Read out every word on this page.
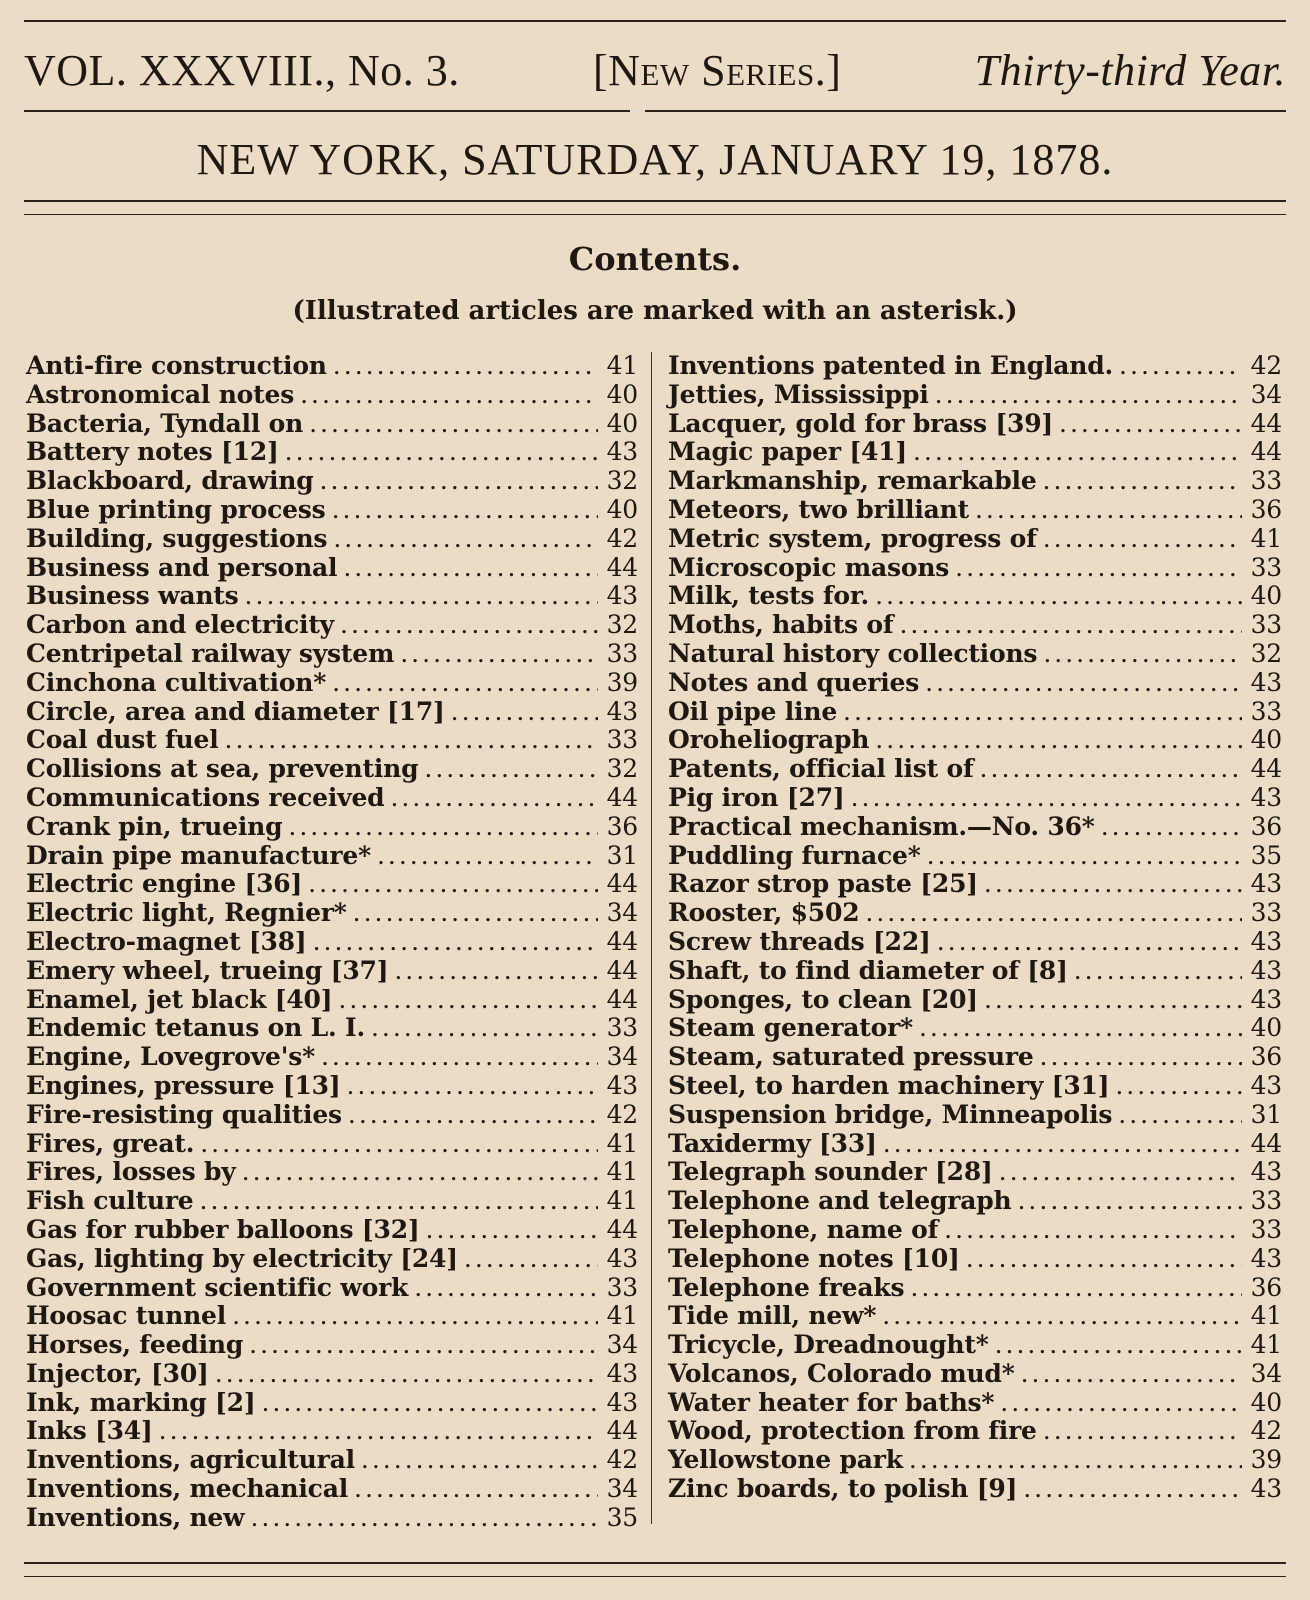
VOL. XXXVIII., No. 3.	[New Series.]	Thirty-third Year.
NEW YORK, SATURDAY, JANUARY 19, 1878.
Contents.
(Illustrated articles are marked with an asterisk.)
Anti-fire construction .....	41
Astronomical notes .....	40
Bacteria, Tyndall on .....	40
Battery notes [12] .....	43
Blackboard, drawing .....	32
Blue printing process .....	40
Building, suggestions .....	42
Business and personal .....	44
Business wants .....	43
Carbon and electricity .....	32
Centripetal railway system .....	33
Cinchona cultivation* .....	39
Circle, area and diameter [17] .....	43
Coal dust fuel .....	33
Collisions at sea, preventing .....	32
Communications received .....	44
Crank pin, trueing .....	36
Drain pipe manufacture* .....	31
Electric engine [36] .....	44
Electric light, Regnier* .....	34
Electro-magnet [38] .....	44
Emery wheel, trueing [37] .....	44
Enamel, jet black [40] .....	44
Endemic tetanus on L. I. .....	33
Engine, Lovegrove's* .....	34
Engines, pressure [13] .....	43
Fire-resisting qualities .....	42
Fires, great. .....	41
Fires, losses by .....	41
Fish culture .....	41
Gas for rubber balloons [32] .....	44
Gas, lighting by electricity [24] .....	43
Government scientific work .....	33
Hoosac tunnel .....	41
Horses, feeding .....	34
Injector, [30] .....	43
Ink, marking [2] .....	43
Inks [34] .....	44
Inventions, agricultural .....	42
Inventions, mechanical .....	34
Inventions, new .....	35
Inventions patented in England. .....	42
Jetties, Mississippi .....	34
Lacquer, gold for brass [39] .....	44
Magic paper [41] .....	44
Markmanship, remarkable .....	33
Meteors, two brilliant .....	36
Metric system, progress of .....	41
Microscopic masons .....	33
Milk, tests for. .....	40
Moths, habits of .....	33
Natural history collections .....	32
Notes and queries .....	43
Oil pipe line .....	33
Oroheliograph .....	40
Patents, official list of .....	44
Pig iron [27] .....	43
Practical mechanism.—No. 36* .....	36
Puddling furnace* .....	35
Razor strop paste [25] .....	43
Rooster, $502 .....	33
Screw threads [22] .....	43
Shaft, to find diameter of [8] .....	43
Sponges, to clean [20] .....	43
Steam generator* .....	40
Steam, saturated pressure .....	36
Steel, to harden machinery [31] .....	43
Suspension bridge, Minneapolis .....	31
Taxidermy [33] .....	44
Telegraph sounder [28] .....	43
Telephone and telegraph .....	33
Telephone, name of .....	33
Telephone notes [10] .....	43
Telephone freaks .....	36
Tide mill, new* .....	41
Tricycle, Dreadnought* .....	41
Volcanos, Colorado mud* .....	34
Water heater for baths* .....	40
Wood, protection from fire .....	42
Yellowstone park .....	39
Zinc boards, to polish [9] .....	43
